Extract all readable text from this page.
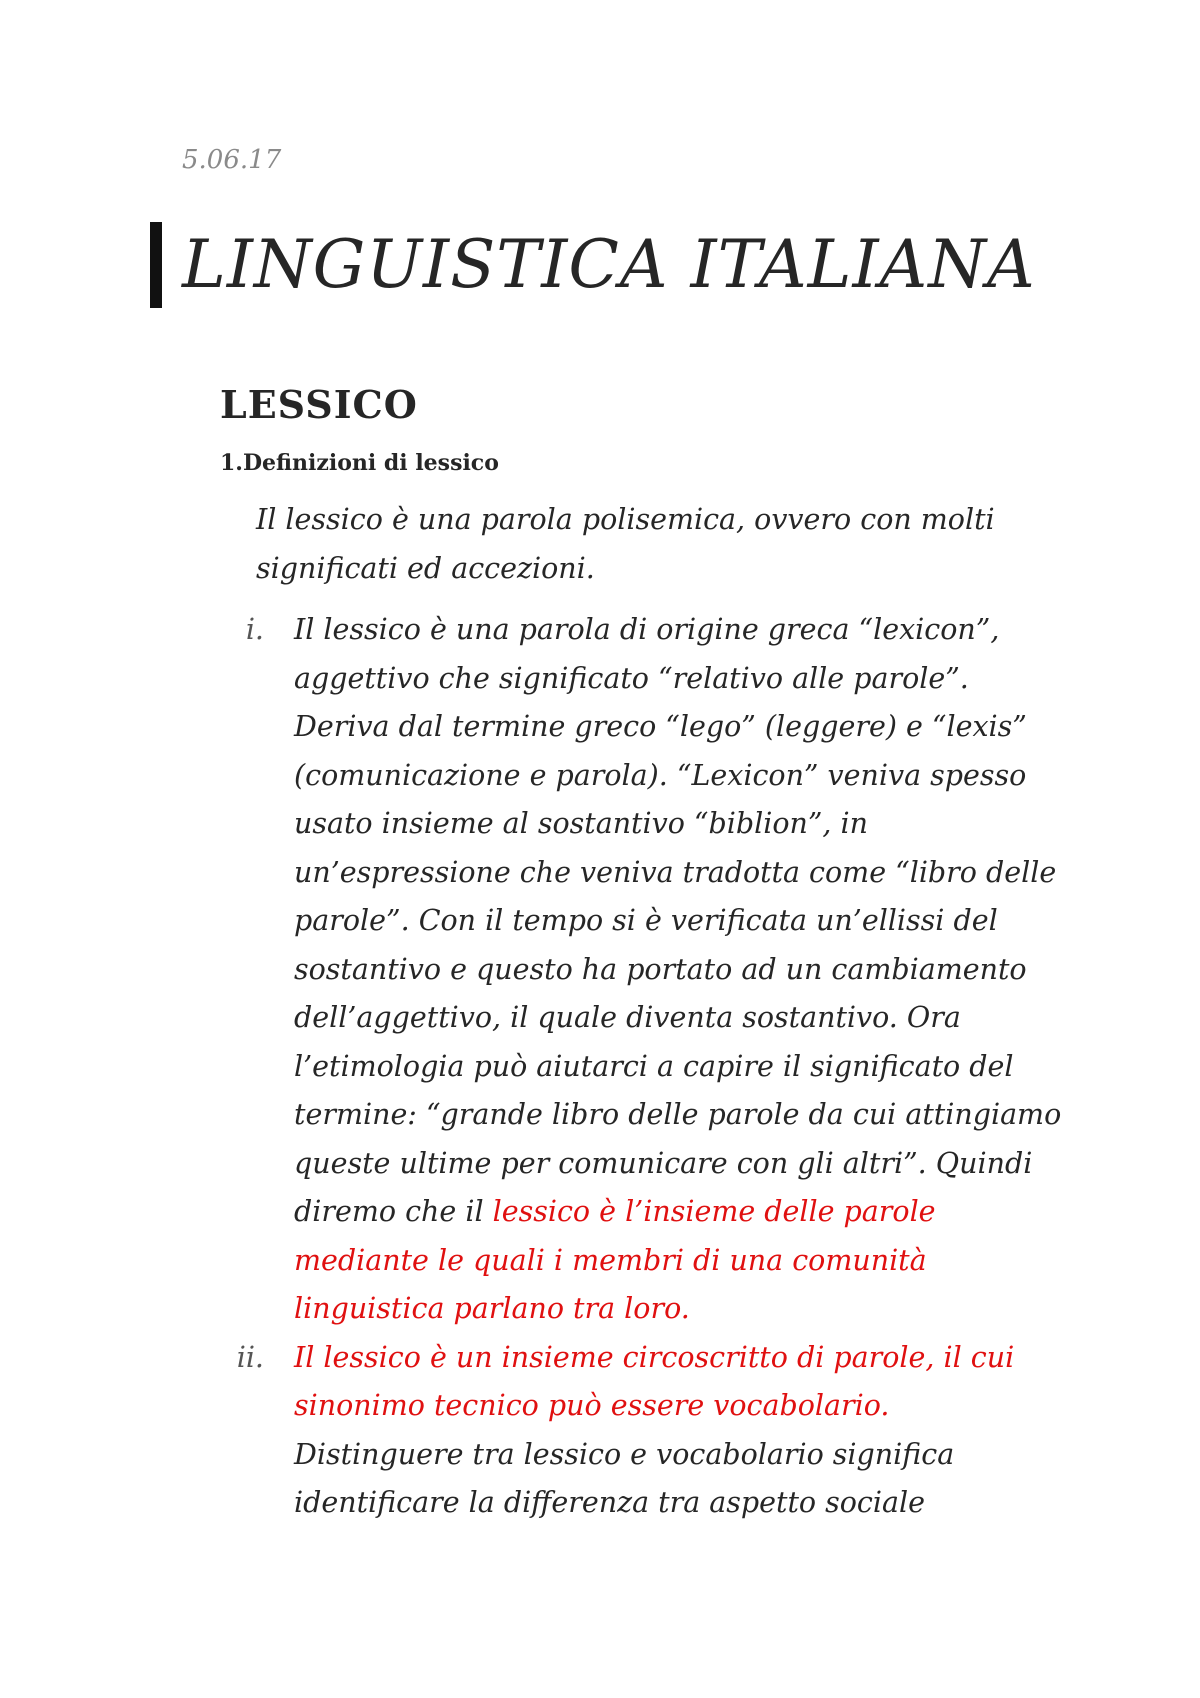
5.06.17
LINGUISTICA ITALIANA
LESSICO
1.Definizioni di lessico
Il lessico è una parola polisemica, ovvero con molti significati ed accezioni.
i. Il lessico è una parola di origine greca “lexicon”, aggettivo che significato “relativo alle parole”. Deriva dal termine greco “lego” (leggere) e “lexis” (comunicazione e parola). “Lexicon” veniva spesso usato insieme al sostantivo “biblion”, in un’espressione che veniva tradotta come “libro delle parole”. Con il tempo si è verificata un’ellissi del sostantivo e questo ha portato ad un cambiamento dell’aggettivo, il quale diventa sostantivo. Ora l’etimologia può aiutarci a capire il significato del termine: “grande libro delle parole da cui attingiamo queste ultime per comunicare con gli altri”. Quindi diremo che il lessico è l’insieme delle parole mediante le quali i membri di una comunità linguistica parlano tra loro.
ii. Il lessico è un insieme circoscritto di parole, il cui sinonimo tecnico può essere vocabolario. Distinguere tra lessico e vocabolario significa identificare la differenza tra aspetto sociale
